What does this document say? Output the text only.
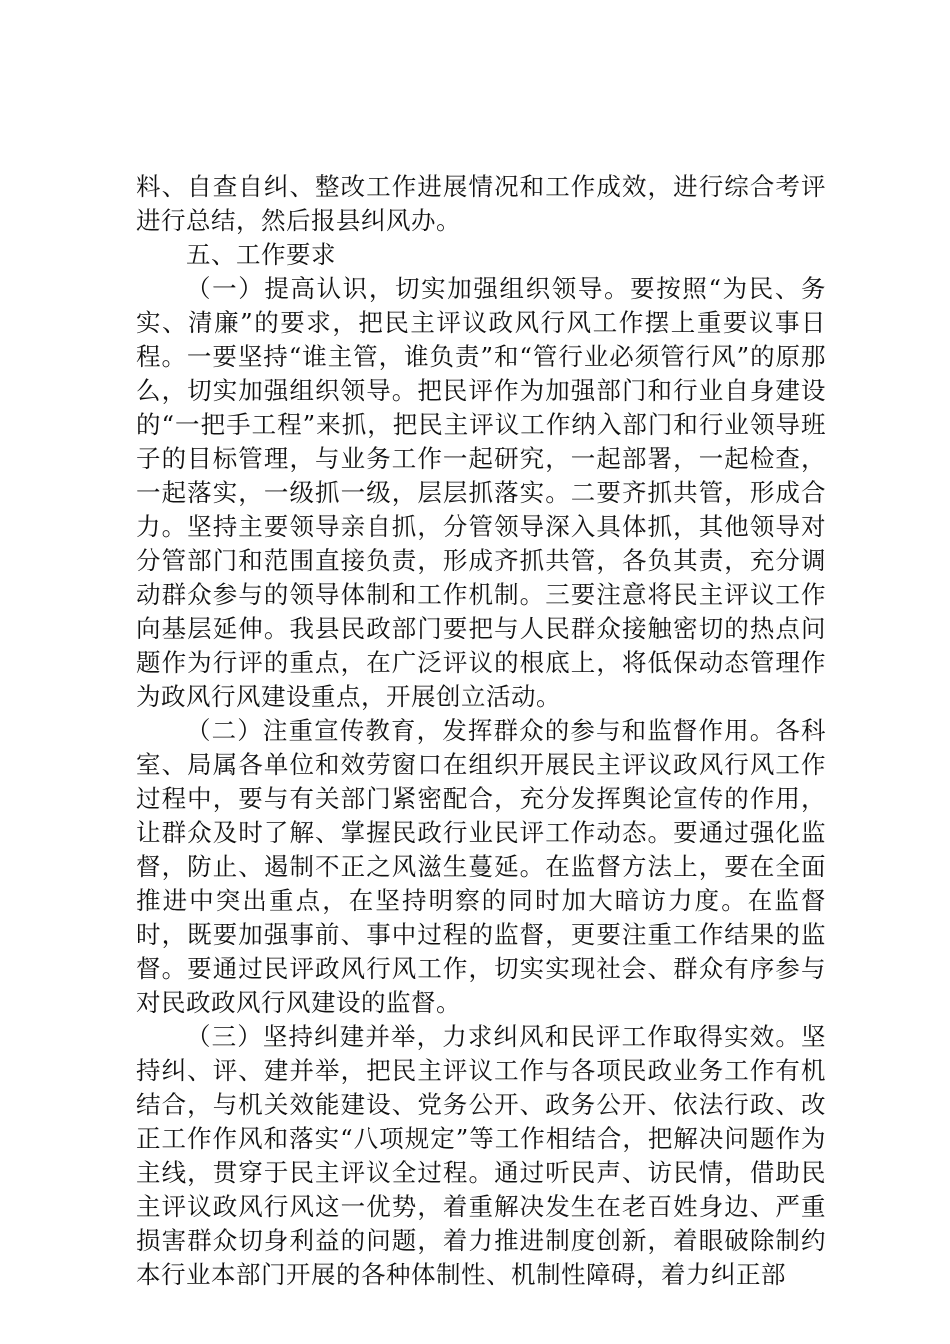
料、自查自纠、整改工作进展情况和工作成效，进行综合考评进行总结，然后报县纠风办。

五、工作要求

（一）提高认识，切实加强组织领导。要按照“为民、务实、清廉”的要求，把民主评议政风行风工作摆上重要议事日程。一要坚持“谁主管，谁负责”和“管行业必须管行风”的原那么，切实加强组织领导。把民评作为加强部门和行业自身建设的“一把手工程”来抓，把民主评议工作纳入部门和行业领导班子的目标管理，与业务工作一起研究，一起部署，一起检查，一起落实，一级抓一级，层层抓落实。二要齐抓共管，形成合力。坚持主要领导亲自抓，分管领导深入具体抓，其他领导对分管部门和范围直接负责，形成齐抓共管，各负其责，充分调动群众参与的领导体制和工作机制。三要注意将民主评议工作向基层延伸。我县民政部门要把与人民群众接触密切的热点问题作为行评的重点，在广泛评议的根底上，将低保动态管理作为政风行风建设重点，开展创立活动。

（二）注重宣传教育，发挥群众的参与和监督作用。各科室、局属各单位和效劳窗口在组织开展民主评议政风行风工作过程中，要与有关部门紧密配合，充分发挥舆论宣传的作用，让群众及时了解、掌握民政行业民评工作动态。要通过强化监督，防止、遏制不正之风滋生蔓延。在监督方法上，要在全面推进中突出重点，在坚持明察的同时加大暗访力度。在监督时，既要加强事前、事中过程的监督，更要注重工作结果的监督。要通过民评政风行风工作，切实实现社会、群众有序参与对民政政风行风建设的监督。

（三）坚持纠建并举，力求纠风和民评工作取得实效。坚持纠、评、建并举，把民主评议工作与各项民政业务工作有机结合，与机关效能建设、党务公开、政务公开、依法行政、改正工作作风和落实“八项规定”等工作相结合，把解决问题作为主线，贯穿于民主评议全过程。通过听民声、访民情，借助民主评议政风行风这一优势，着重解决发生在老百姓身边、严重损害群众切身利益的问题，着力推进制度创新，着眼破除制约本行业本部门开展的各种体制性、机制性障碍，着力纠正部
